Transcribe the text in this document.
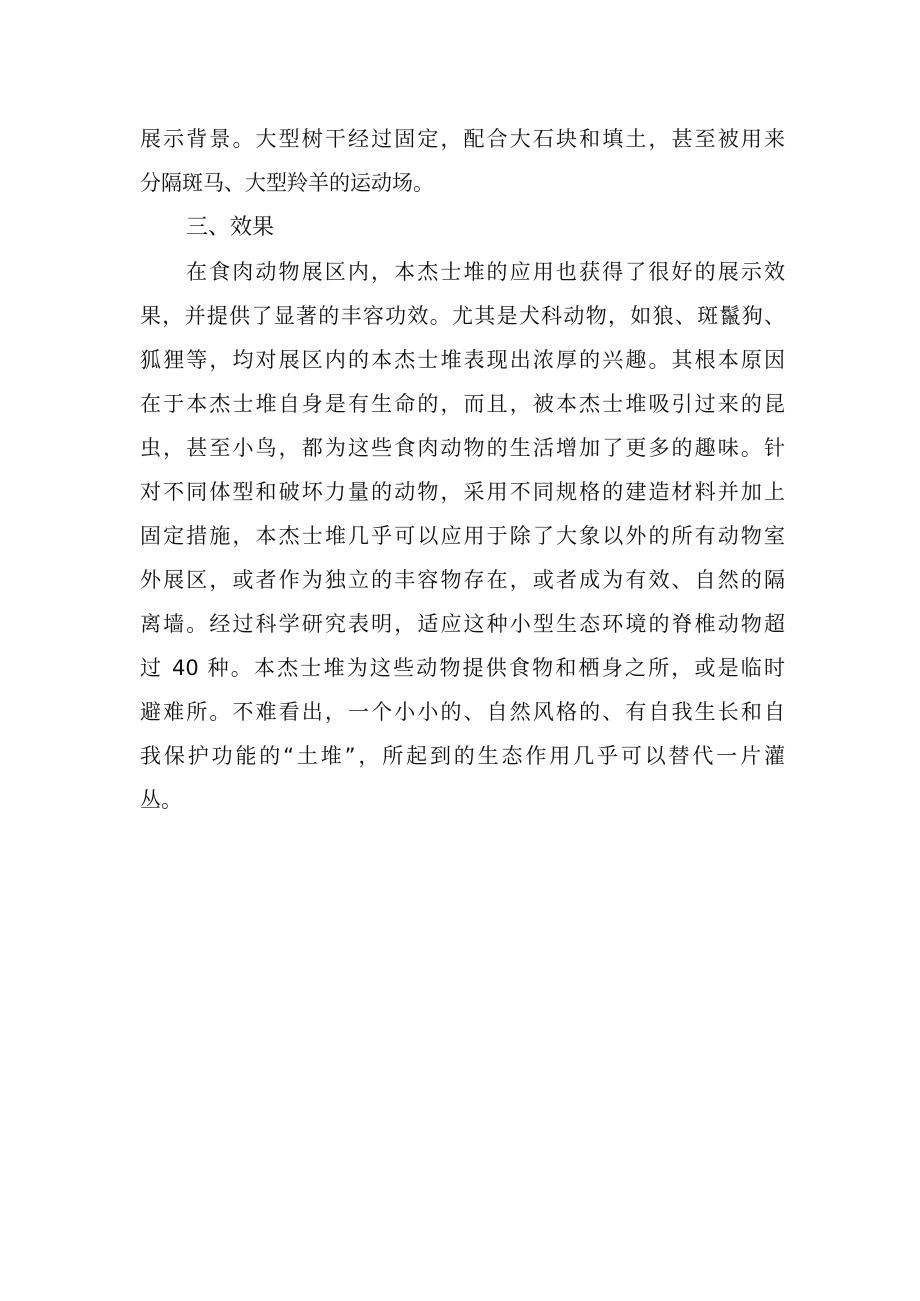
展示背景。大型树干经过固定，配合大石块和填土，甚至被用来
分隔斑马、大型羚羊的运动场。
三、效果
在食肉动物展区内，本杰士堆的应用也获得了很好的展示效
果，并提供了显著的丰容功效。尤其是犬科动物，如狼、斑鬣狗、
狐狸等，均对展区内的本杰士堆表现出浓厚的兴趣。其根本原因
在于本杰士堆自身是有生命的，而且，被本杰士堆吸引过来的昆
虫，甚至小鸟，都为这些食肉动物的生活增加了更多的趣味。针
对不同体型和破坏力量的动物，采用不同规格的建造材料并加上
固定措施，本杰士堆几乎可以应用于除了大象以外的所有动物室
外展区，或者作为独立的丰容物存在，或者成为有效、自然的隔
离墙。经过科学研究表明，适应这种小型生态环境的脊椎动物超
过 40 种。本杰士堆为这些动物提供食物和栖身之所，或是临时
避难所。不难看出，一个小小的、自然风格的、有自我生长和自
我保护功能的“土堆”，所起到的生态作用几乎可以替代一片灌
丛。
